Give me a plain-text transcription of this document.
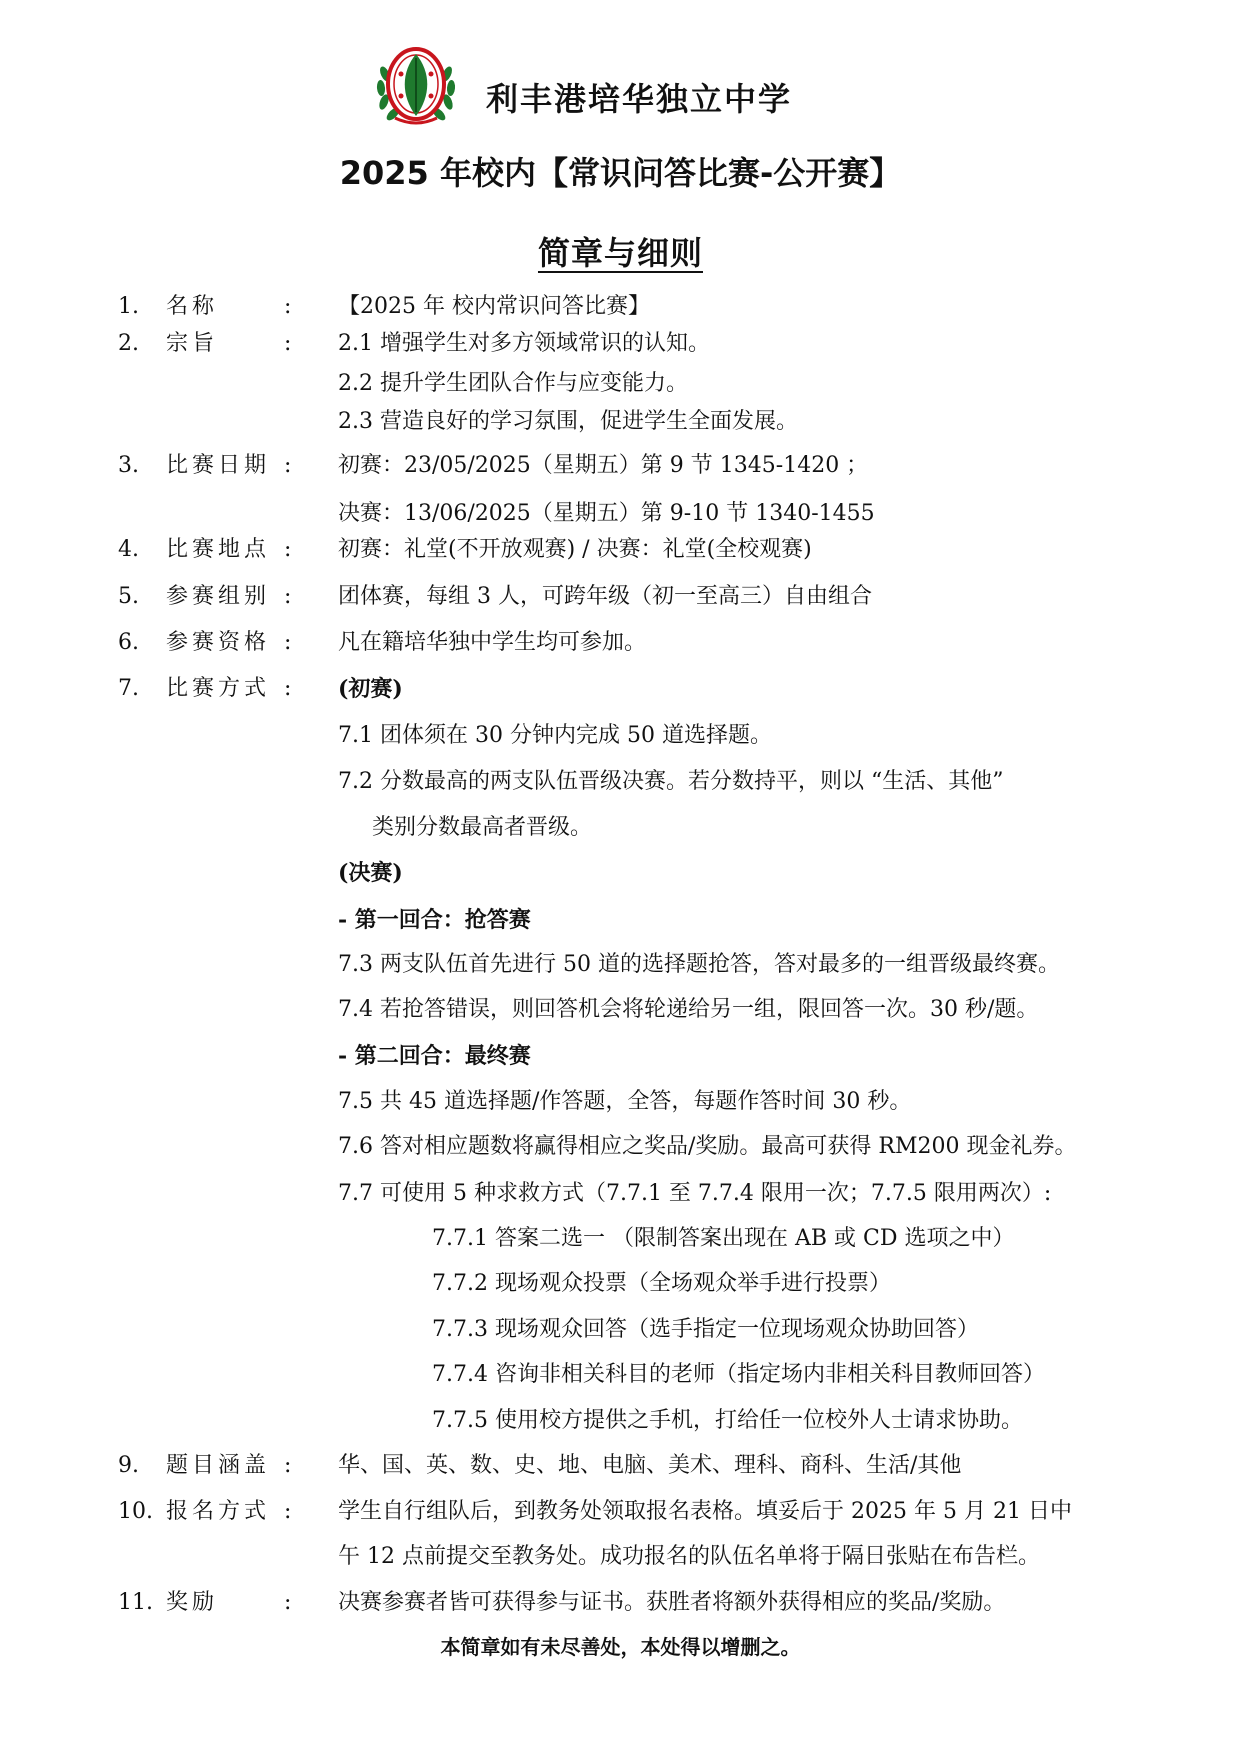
利丰港培华独立中学
2025 年校内【常识问答比赛-公开赛】
简章与细则
1. 名称	: 【2025 年 校内常识问答比赛】
2. 宗旨	: 2.1 增强学生对多方领域常识的认知。
2.2 提升学生团队合作与应变能力。
2.3 营造良好的学习氛围，促进学生全面发展。
3. 比赛日期 : 初赛：23/05/2025（星期五）第 9 节 1345-1420 ；
决赛：13/06/2025（星期五）第 9-10 节 1340-1455
4. 比赛地点 : 初赛：礼堂(不开放观赛) / 决赛：礼堂(全校观赛)
5. 参赛组别 : 团体赛，每组 3 人，可跨年级（初一至高三）自由组合
6. 参赛资格 : 凡在籍培华独中学生均可参加。
7. 比赛方式 : (初赛)
7.1 团体须在 30 分钟内完成 50 道选择题。
7.2 分数最高的两支队伍晋级决赛。若分数持平，则以 “生活、其他”
类别分数最高者晋级。
(决赛)
- 第一回合：抢答赛
7.3 两支队伍首先进行 50 道的选择题抢答，答对最多的一组晋级最终赛。
7.4 若抢答错误，则回答机会将轮递给另一组，限回答一次。30 秒/题。
- 第二回合：最终赛
7.5 共 45 道选择题/作答题，全答，每题作答时间 30 秒。
7.6 答对相应题数将赢得相应之奖品/奖励。最高可获得 RM200 现金礼券。
7.7 可使用 5 种求救方式（7.7.1 至 7.7.4 限用一次；7.7.5 限用两次）:
7.7.1 答案二选一 （限制答案出现在 AB 或 CD 选项之中）
7.7.2 现场观众投票（全场观众举手进行投票）
7.7.3 现场观众回答（选手指定一位现场观众协助回答）
7.7.4 咨询非相关科目的老师（指定场内非相关科目教师回答）
7.7.5 使用校方提供之手机，打给任一位校外人士请求协助。
9. 题目涵盖 : 华、国、英、数、史、地、电脑、美术、理科、商科、生活/其他
10. 报名方式 : 学生自行组队后，到教务处领取报名表格。填妥后于 2025 年 5 月 21 日中
午 12 点前提交至教务处。成功报名的队伍名单将于隔日张贴在布告栏。
11. 奖励	: 决赛参赛者皆可获得参与证书。获胜者将额外获得相应的奖品/奖励。
本简章如有未尽善处，本处得以增删之。
